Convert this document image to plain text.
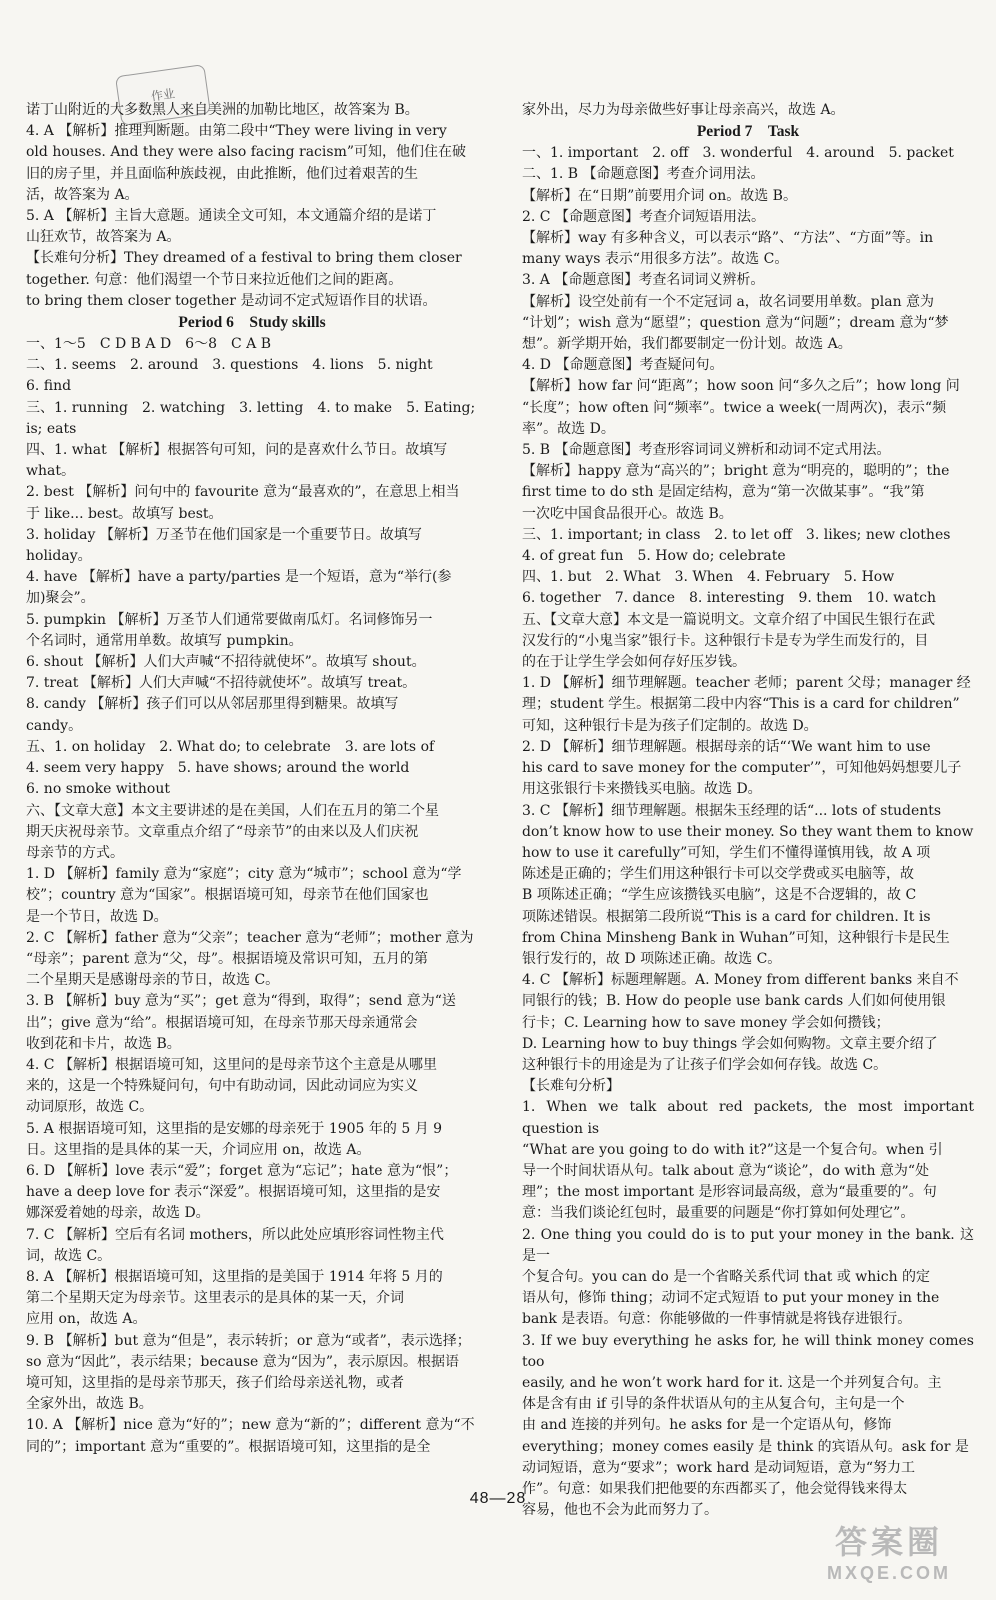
作业

诺丁山附近的大多数黑人来自美洲的加勒比地区，故答案为 B。

4. A 【解析】推理判断题。由第二段中“They were living in very

old houses. And they were also facing racism”可知，他们住在破

旧的房子里，并且面临种族歧视，由此推断，他们过着艰苦的生

活，故答案为 A。

5. A 【解析】主旨大意题。通读全文可知，本文通篇介绍的是诺丁

山狂欢节，故答案为 A。

【长难句分析】They dreamed of a festival to bring them closer

together. 句意：他们渴望一个节日来拉近他们之间的距离。

to bring them closer together 是动词不定式短语作目的状语。

Period 6　Study skills

一、1～5　C D B A D　6～8　C A B

二、1. seems　2. around　3. questions　4. lions　5. night

6. find

三、1. running　2. watching　3. letting　4. to make　5. Eating;

is; eats

四、1. what 【解析】根据答句可知，问的是喜欢什么节日。故填写

what。

2. best 【解析】问句中的 favourite 意为“最喜欢的”，在意思上相当

于 like... best。故填写 best。

3. holiday 【解析】万圣节在他们国家是一个重要节日。故填写

holiday。

4. have 【解析】have a party/parties 是一个短语，意为“举行(参

加)聚会”。

5. pumpkin 【解析】万圣节人们通常要做南瓜灯。名词修饰另一

个名词时，通常用单数。故填写 pumpkin。

6. shout 【解析】人们大声喊“不招待就使坏”。故填写 shout。

7. treat 【解析】人们大声喊“不招待就使坏”。故填写 treat。

8. candy 【解析】孩子们可以从邻居那里得到糖果。故填写

candy。

五、1. on holiday　2. What do; to celebrate　3. are lots of

4. seem very happy　5. have shows; around the world

6. no smoke without

六、【文章大意】本文主要讲述的是在美国，人们在五月的第二个星

期天庆祝母亲节。文章重点介绍了“母亲节”的由来以及人们庆祝

母亲节的方式。

1. D 【解析】family 意为“家庭”；city 意为“城市”；school 意为“学

校”；country 意为“国家”。根据语境可知，母亲节在他们国家也

是一个节日，故选 D。

2. C 【解析】father 意为“父亲”；teacher 意为“老师”；mother 意为

“母亲”；parent 意为“父，母”。根据语境及常识可知，五月的第

二个星期天是感谢母亲的节日，故选 C。

3. B 【解析】buy 意为“买”；get 意为“得到，取得”；send 意为“送

出”；give 意为“给”。根据语境可知，在母亲节那天母亲通常会

收到花和卡片，故选 B。

4. C 【解析】根据语境可知，这里问的是母亲节这个主意是从哪里

来的，这是一个特殊疑问句，句中有助动词，因此动词应为实义

动词原形，故选 C。

5. A 根据语境可知，这里指的是安娜的母亲死于 1905 年的 5 月 9

日。这里指的是具体的某一天，介词应用 on，故选 A。

6. D 【解析】love 表示“爱”；forget 意为“忘记”；hate 意为“恨”；

have a deep love for 表示“深爱”。根据语境可知，这里指的是安

娜深爱着她的母亲，故选 D。

7. C 【解析】空后有名词 mothers，所以此处应填形容词性物主代

词，故选 C。

8. A 【解析】根据语境可知，这里指的是美国于 1914 年将 5 月的

第二个星期天定为母亲节。这里表示的是具体的某一天，介词

应用 on，故选 A。

9. B 【解析】but 意为“但是”，表示转折；or 意为“或者”，表示选择；

so 意为“因此”，表示结果；because 意为“因为”，表示原因。根据语

境可知，这里指的是母亲节那天，孩子们给母亲送礼物，或者

全家外出，故选 B。

10. A 【解析】nice 意为“好的”；new 意为“新的”；different 意为“不

同的”；important 意为“重要的”。根据语境可知，这里指的是全

家外出，尽力为母亲做些好事让母亲高兴，故选 A。

Period 7　Task

一、1. important　2. off　3. wonderful　4. around　5. packet

二、1. B 【命题意图】考查介词用法。

【解析】在“日期”前要用介词 on。故选 B。

2. C 【命题意图】考查介词短语用法。

【解析】way 有多种含义，可以表示“路”、“方法”、“方面”等。in

many ways 表示“用很多方法”。故选 C。

3. A 【命题意图】考查名词词义辨析。

【解析】设空处前有一个不定冠词 a，故名词要用单数。plan 意为

“计划”；wish 意为“愿望”；question 意为“问题”；dream 意为“梦

想”。新学期开始，我们都要制定一份计划。故选 A。

4. D 【命题意图】考查疑问句。

【解析】how far 问“距离”；how soon 问“多久之后”；how long 问

“长度”；how often 问“频率”。twice a week(一周两次)，表示“频

率”。故选 D。

5. B 【命题意图】考查形容词词义辨析和动词不定式用法。

【解析】happy 意为“高兴的”；bright 意为“明亮的，聪明的”；the

first time to do sth 是固定结构，意为“第一次做某事”。“我”第

一次吃中国食品很开心。故选 B。

三、1. important; in class　2. to let off　3. likes; new clothes

4. of great fun　5. How do; celebrate

四、1. but　2. What　3. When　4. February　5. How

6. together　7. dance　8. interesting　9. them　10. watch

五、【文章大意】本文是一篇说明文。文章介绍了中国民生银行在武

汉发行的“小鬼当家”银行卡。这种银行卡是专为学生而发行的，目

的在于让学生学会如何存好压岁钱。

1. D 【解析】细节理解题。teacher 老师；parent 父母；manager 经

理；student 学生。根据第二段中内容“This is a card for children”

可知，这种银行卡是为孩子们定制的。故选 D。

2. D 【解析】细节理解题。根据母亲的话“‘We want him to use

his card to save money for the computer’”，可知他妈妈想要儿子

用这张银行卡来攒钱买电脑。故选 D。

3. C 【解析】细节理解题。根据朱玉经理的话“... lots of students

don’t know how to use their money. So they want them to know

how to use it carefully”可知，学生们不懂得谨慎用钱，故 A 项

陈述是正确的；学生们用这种银行卡可以交学费或买电脑等，故

B 项陈述正确；“学生应该攒钱买电脑”，这是不合逻辑的，故 C

项陈述错误。根据第二段所说“This is a card for children. It is

from China Minsheng Bank in Wuhan”可知，这种银行卡是民生

银行发行的，故 D 项陈述正确。故选 C。

4. C 【解析】标题理解题。A. Money from different banks 来自不

同银行的钱；B. How do people use bank cards 人们如何使用银

行卡；C. Learning how to save money 学会如何攒钱；

D. Learning how to buy things 学会如何购物。文章主要介绍了

这种银行卡的用途是为了让孩子们学会如何存钱。故选 C。

【长难句分析】

1. When we talk about red packets, the most important question is

“What are you going to do with it?”这是一个复合句。when 引

导一个时间状语从句。talk about 意为“谈论”，do with 意为“处

理”；the most important 是形容词最高级，意为“最重要的”。句

意：当我们谈论红包时，最重要的问题是“你打算如何处理它”。

2. One thing you could do is to put your money in the bank. 这是一

个复合句。you can do 是一个省略关系代词 that 或 which 的定

语从句，修饰 thing；动词不定式短语 to put your money in the

bank 是表语。句意：你能够做的一件事情就是将钱存进银行。

3. If we buy everything he asks for, he will think money comes too

easily, and he won’t work hard for it. 这是一个并列复合句。主

体是含有由 if 引导的条件状语从句的主从复合句，主句是一个

由 and 连接的并列句。he asks for 是一个定语从句，修饰

everything；money comes easily 是 think 的宾语从句。ask for 是

动词短语，意为“要求”；work hard 是动词短语，意为“努力工

作”。句意：如果我们把他要的东西都买了，他会觉得钱来得太

容易，他也不会为此而努力了。

48—28
答案圈
MXQE.COM
